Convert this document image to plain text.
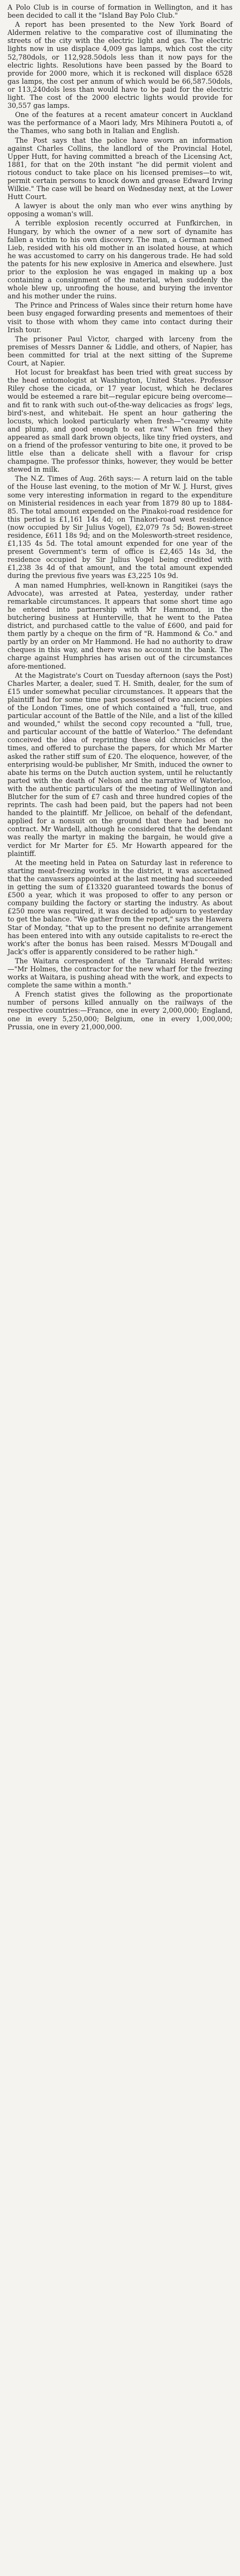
A Polo Club is in course of formation in Wellington, and it has been decided to call it the "Island Bay Polo Club."

A report has been presented to the New York Board of Aldermen relative to the comparative cost of illuminating the streets of the city with the electric light and gas. The electric lights now in use displace 4,009 gas lamps, which cost the city 52,780dols, or 112,928.50dols less than it now pays for the electric lights. Resolutions have been passed by the Board to provide for 2000 more, which it is reckoned will displace 6528 gas lamps, the cost per annum of which would be 66,587.50dols, or 113,240dols less than would have to be paid for the electric light. The cost of the 2000 electric lights would provide for 30,557 gas lamps.

One of the features at a recent amateur concert in Auckland was the performance of a Maori lady, Mrs Mihinera Poutoti a, of the Thames, who sang both in Italian and English.

The Post says that the police have sworn an information against Charles Collins, the landlord of the Provincial Hotel, Upper Hutt, for having committed a breach of the Licensing Act, 1881, for that on the 20th instant "he did permit violent and riotous conduct to take place on his licensed premises—to wit, permit certain persons to knock down and grease Edward Irving Wilkie." The case will be heard on Wednesday next, at the Lower Hutt Court.

A lawyer is about the only man who ever wins anything by opposing a woman's will.

A terrible explosion recently occurred at Funfkirchen, in Hungary, by which the owner of a new sort of dynamite has fallen a victim to his own discovery. The man, a German named Lieb, resided with his old mother in an isolated house, at which he was accustomed to carry on his dangerous trade. He had sold the patents for his new explosive in America and elsewhere. Just prior to the explosion he was engaged in making up a box containing a consignment of the material, when suddenly the whole blew up, unroofing the house, and burying the inventor and his mother under the ruins.

The Prince and Princess of Wales since their return home have been busy engaged forwarding presents and mementoes of their visit to those with whom they came into contact during their Irish tour.

The prisoner Paul Victor, charged with larceny from the premises of Messrs Danner & Liddle, and others, of Napier, has been committed for trial at the next sitting of the Supreme Court, at Napier.

Hot locust for breakfast has been tried with great success by the head entomologist at Washington, United States. Professor Riley chose the cicada, or 17 year locust, which he declares would be esteemed a rare bit—regular epicure being overcome—and fit to rank with such out-of-the-way delicacies as frogs' legs, bird's-nest, and whitebait. He spent an hour gathering the locusts, which looked particularly when fresh—"creamy white and plump, and good enough to eat raw." When fried they appeared as small dark brown objects, like tiny fried oysters, and on a friend of the professor venturing to bite one, it proved to be little else than a delicate shell with a flavour for crisp champagne. The professor thinks, however, they would be better stewed in milk.

The N.Z. Times of Aug. 26th says:— A return laid on the table of the House last evening, to the motion of Mr W. J. Hurst, gives some very interesting information in regard to the expenditure on Ministerial residences in each year from 1879 80 up to 1884-85. The total amount expended on the Pinakoi-road residence for this period is £1,161 14s 4d; on Tinakori-road west residence (now occupied by Sir Julius Vogel), £2,079 7s 5d; Bowen-street residence, £611 18s 9d; and on the Molesworth-street residence, £1,135 4s 5d. The total amount expended for one year of the present Government's term of office is £2,465 14s 3d, the residence occupied by Sir Julius Vogel being credited with £1,238 3s 4d of that amount, and the total amount expended during the previous five years was £3,225 10s 9d.

A man named Humphries, well-known in Rangitikei (says the Advocate), was arrested at Patea, yesterday, under rather remarkable circumstances. It appears that some short time ago he entered into partnership with Mr Hammond, in the butchering business at Hunterville, that he went to the Patea district, and purchased cattle to the value of £600, and paid for them partly by a cheque on the firm of "R. Hammond & Co." and partly by an order on Mr Hammond. He had no authority to draw cheques in this way, and there was no account in the bank. The charge against Humphries has arisen out of the circumstances afore-mentioned.

At the Magistrate's Court on Tuesday afternoon (says the Post) Charles Marter, a dealer, sued T. H. Smith, dealer, for the sum of £15 under somewhat peculiar circumstances. It appears that the plaintiff had for some time past possessed of two ancient copies of the London Times, one of which contained a "full, true, and particular account of the Battle of the Nile, and a list of the killed and wounded," whilst the second copy recounted a "full, true, and particular account of the battle of Waterloo." The defendant conceived the idea of reprinting these old chronicles of the times, and offered to purchase the papers, for which Mr Marter asked the rather stiff sum of £20. The eloquence, however, of the enterprising would-be publisher, Mr Smith, induced the owner to abate his terms on the Dutch auction system, until he reluctantly parted with the death of Nelson and the narrative of Waterloo, with the authentic particulars of the meeting of Wellington and Blutcher for the sum of £7 cash and three hundred copies of the reprints. The cash had been paid, but the papers had not been handed to the plaintiff. Mr Jellicoe, on behalf of the defendant, applied for a nonsuit on the ground that there had been no contract. Mr Wardell, although he considered that the defendant was really the martyr in making the bargain, he would give a verdict for Mr Marter for £5. Mr Howarth appeared for the plaintiff.

At the meeting held in Patea on Saturday last in reference to starting meat-freezing works in the district, it was ascertained that the canvassers appointed at the last meeting had succeeded in getting the sum of £13320 guaranteed towards the bonus of £500 a year, which it was proposed to offer to any person or company building the factory or starting the industry. As about £250 more was required, it was decided to adjourn to yesterday to get the balance. "We gather from the report," says the Hawera Star of Monday, "that up to the present no definite arrangement has been entered into with any outside capitalists to re-erect the work's after the bonus has been raised. Messrs M'Dougall and Jack's offer is apparently considered to be rather high."

The Waitara correspondent of the Taranaki Herald writes:—"Mr Holmes, the contractor for the new wharf for the freezing works at Waitara, is pushing ahead with the work, and expects to complete the same within a month."

A French statist gives the following as the proportionate number of persons killed annually on the railways of the respective countries:—France, one in every 2,000,000; England, one in every 5,250,000; Belgium, one in every 1,000,000; Prussia, one in every 21,000,000.
